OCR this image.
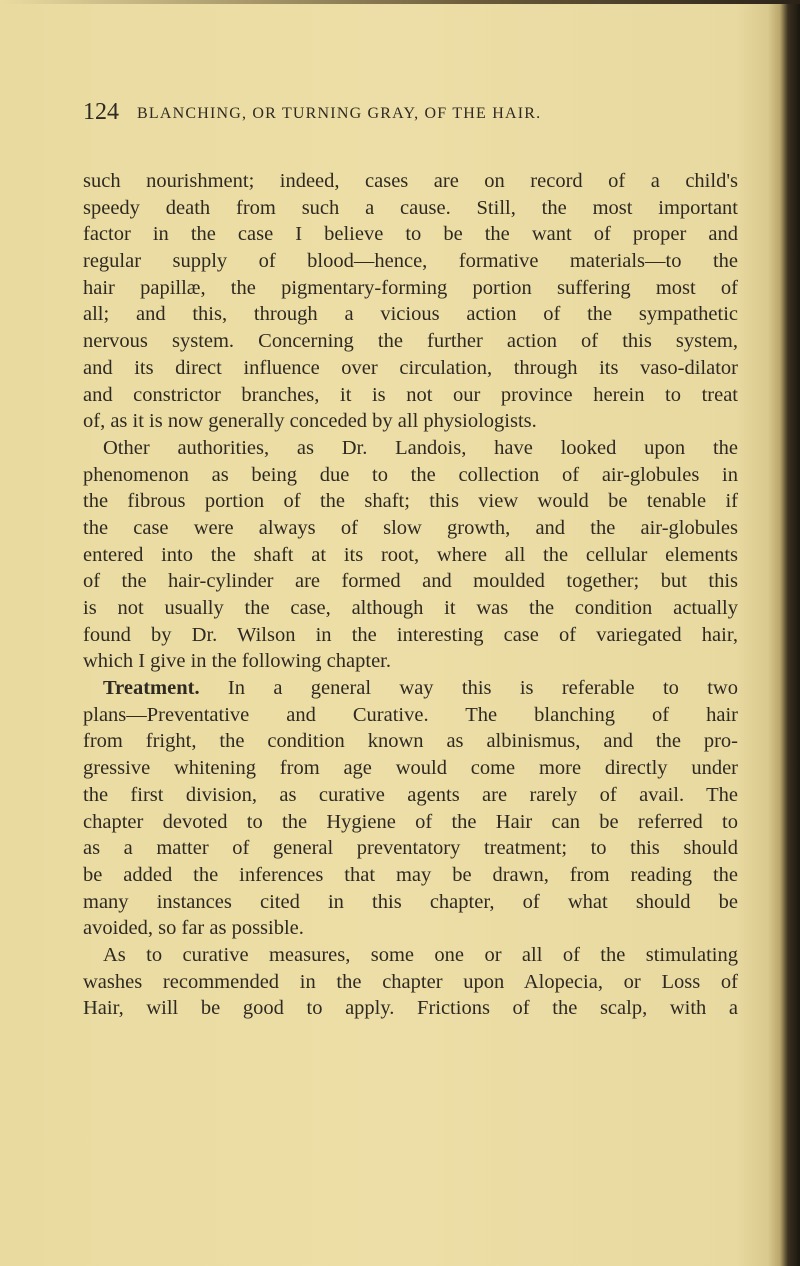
124 BLANCHING, OR TURNING GRAY, OF THE HAIR.
such nourishment; indeed, cases are on record of a child's
speedy death from such a cause. Still, the most important
factor in the case I believe to be the want of proper and
regular supply of blood—hence, formative materials—to the
hair papillæ, the pigmentary-forming portion suffering most of
all; and this, through a vicious action of the sympathetic
nervous system. Concerning the further action of this system,
and its direct influence over circulation, through its vaso-dilator
and constrictor branches, it is not our province herein to treat
of, as it is now generally conceded by all physiologists.
Other authorities, as Dr. Landois, have looked upon the
phenomenon as being due to the collection of air-globules in
the fibrous portion of the shaft; this view would be tenable if
the case were always of slow growth, and the air-globules
entered into the shaft at its root, where all the cellular elements
of the hair-cylinder are formed and moulded together; but this
is not usually the case, although it was the condition actually
found by Dr. Wilson in the interesting case of variegated hair,
which I give in the following chapter.
Treatment. In a general way this is referable to two
plans—Preventative and Curative. The blanching of hair
from fright, the condition known as albinismus, and the pro-
gressive whitening from age would come more directly under
the first division, as curative agents are rarely of avail. The
chapter devoted to the Hygiene of the Hair can be referred to
as a matter of general preventatory treatment; to this should
be added the inferences that may be drawn, from reading the
many instances cited in this chapter, of what should be
avoided, so far as possible.
As to curative measures, some one or all of the stimulating
washes recommended in the chapter upon Alopecia, or Loss of
Hair, will be good to apply. Frictions of the scalp, with a
